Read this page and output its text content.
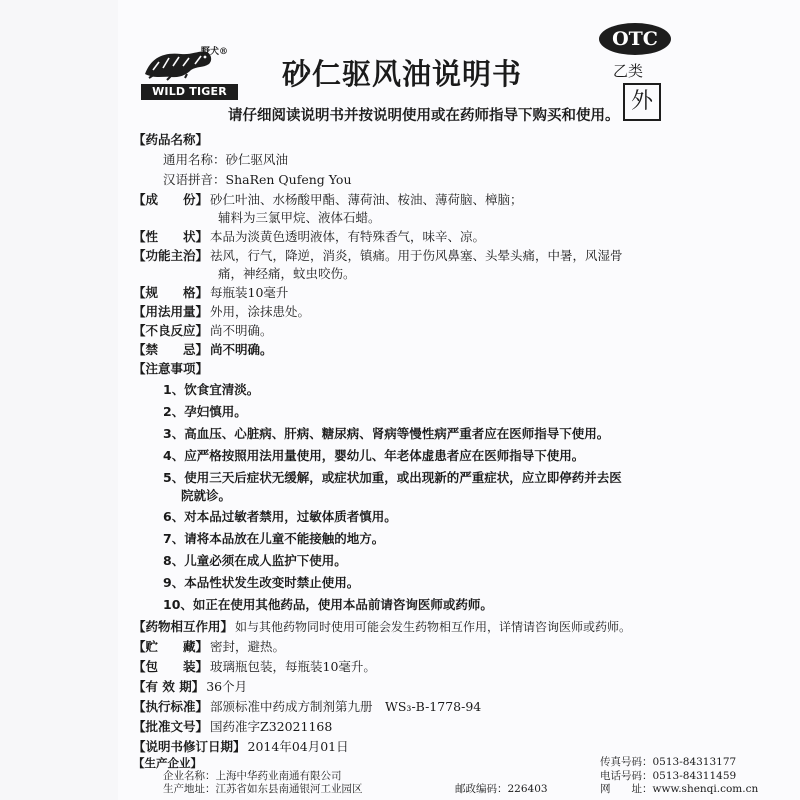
野犬®
WILD TIGER
砂仁驱风油说明书
OTC
乙类
外
请仔细阅读说明书并按说明使用或在药师指导下购买和使用。
【药品名称】
通用名称：砂仁驱风油
汉语拼音：ShaRen Qufeng You
【成　　份】 砂仁叶油、水杨酸甲酯、薄荷油、桉油、薄荷脑、樟脑；
辅料为三氯甲烷、液体石蜡。
【性　　状】 本品为淡黄色透明液体，有特殊香气，味辛、凉。
【功能主治】 祛风，行气，降逆，消炎，镇痛。用于伤风鼻塞、头晕头痛，中暑，风湿骨
痛，神经痛，蚊虫咬伤。
【规　　格】 每瓶装10毫升
【用法用量】 外用，涂抹患处。
【不良反应】 尚不明确。
【禁　　忌】 尚不明确。
【注意事项】
1、饮食宜清淡。
2、孕妇慎用。
3、高血压、心脏病、肝病、糖尿病、肾病等慢性病严重者应在医师指导下使用。
4、应严格按照用法用量使用，婴幼儿、年老体虚患者应在医师指导下使用。
5、使用三天后症状无缓解，或症状加重，或出现新的严重症状，应立即停药并去医
院就诊。
6、对本品过敏者禁用，过敏体质者慎用。
7、请将本品放在儿童不能接触的地方。
8、儿童必须在成人监护下使用。
9、本品性状发生改变时禁止使用。
10、如正在使用其他药品，使用本品前请咨询医师或药师。
【药物相互作用】 如与其他药物同时使用可能会发生药物相互作用，详情请咨询医师或药师。
【贮　　藏】 密封，避热。
【包　　装】 玻璃瓶包装，每瓶装10毫升。
【有 效 期】 36个月
【执行标准】 部颁标准中药成方制剂第九册　WS₃-B-1778-94
【批准文号】 国药准字Z32021168
【说明书修订日期】 2014年04月01日
【生产企业】
企业名称：上海中华药业南通有限公司
生产地址：江苏省如东县南通银河工业园区	邮政编码：226403
电话号码：0513-84311459
传真号码：0513-84313177
网　　址：www.shenqi.com.cn
